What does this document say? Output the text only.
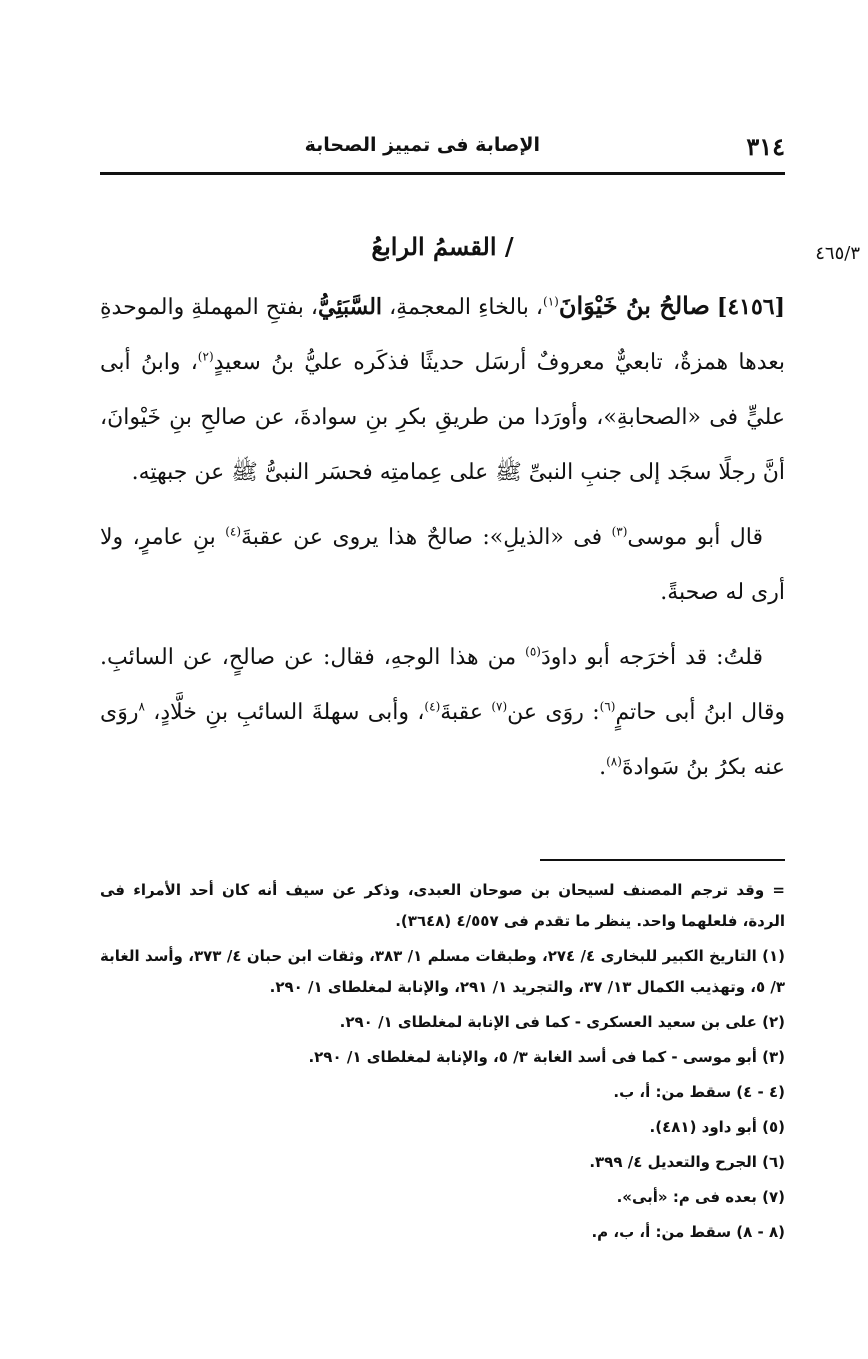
٣١٤
الإصابة فى تمييز الصحابة
٤٦٥/٣
/ القسمُ الرابعُ

[٤١٥٦] صالحُ بنُ خَيْوَانَ$^{(١)}$، بالخاءِ المعجمةِ، السَّبَئِيُّ، بفتحِ المهملةِ والموحدةِ بعدها همزةٌ، تابعيٌّ معروفٌ أرسَل حديثًا فذكَره عليُّ بنُ سعيدٍ$^{(٢)}$، وابنُ أبى عليٍّ فى «الصحابةِ»، وأورَدا من طريقِ بكرِ بنِ سوادةَ، عن صالحِ بنِ خَيْوانَ، أنَّ رجلًا سجَد إلى جنبِ النبىِّ ﷺ على عِمامتِه فحسَر النبىُّ ﷺ عن جبهتِه.

قال أبو موسى$^{(٣)}$ فى «الذيلِ»: صالحٌ هذا يروى عن عقبةَ$^{(٤)}$ بنِ عامرٍ، ولا أرى له صحبةً.

قلتُ: قد أخرَجه أبو داودَ$^{(٥)}$ من هذا الوجهِ، فقال: عن صالحٍ، عن السائبِ. وقال ابنُ أبى حاتمٍ$^{(٦)}$: روَى عن$^{(٧)}$ عقبةَ$^{(٤)}$، وأبى سهلةَ السائبِ بنِ خلَّادٍ، $^٨$روَى عنه بكرُ بنُ سَوادةَ$^{(٨)}$.

= وقد ترجم المصنف لسيحان بن صوحان العبدى، وذكر عن سيف أنه كان أحد الأمراء فى الردة، فلعلهما واحد. ينظر ما تقدم فى ٤/٥٥٧ (٣٦٤٨).
(١) التاريخ الكبير للبخارى ٤/ ٢٧٤، وطبقات مسلم ١/ ٣٨٣، وثقات ابن حبان ٤/ ٣٧٣، وأسد الغابة ٣/ ٥، وتهذيب الكمال ١٣/ ٣٧، والتجريد ١/ ٢٩١، والإنابة لمغلطاى ١/ ٢٩٠.
(٢) على بن سعيد العسكرى - كما فى الإنابة لمغلطاى ١/ ٢٩٠.
(٣) أبو موسى - كما فى أسد الغابة ٣/ ٥، والإنابة لمغلطاى ١/ ٢٩٠.
(٤ - ٤) سقط من: أ، ب.
(٥) أبو داود (٤٨١).
(٦) الجرح والتعديل ٤/ ٣٩٩.
(٧) بعده فى م: «أبى».
(٨ - ٨) سقط من: أ، ب، م.
